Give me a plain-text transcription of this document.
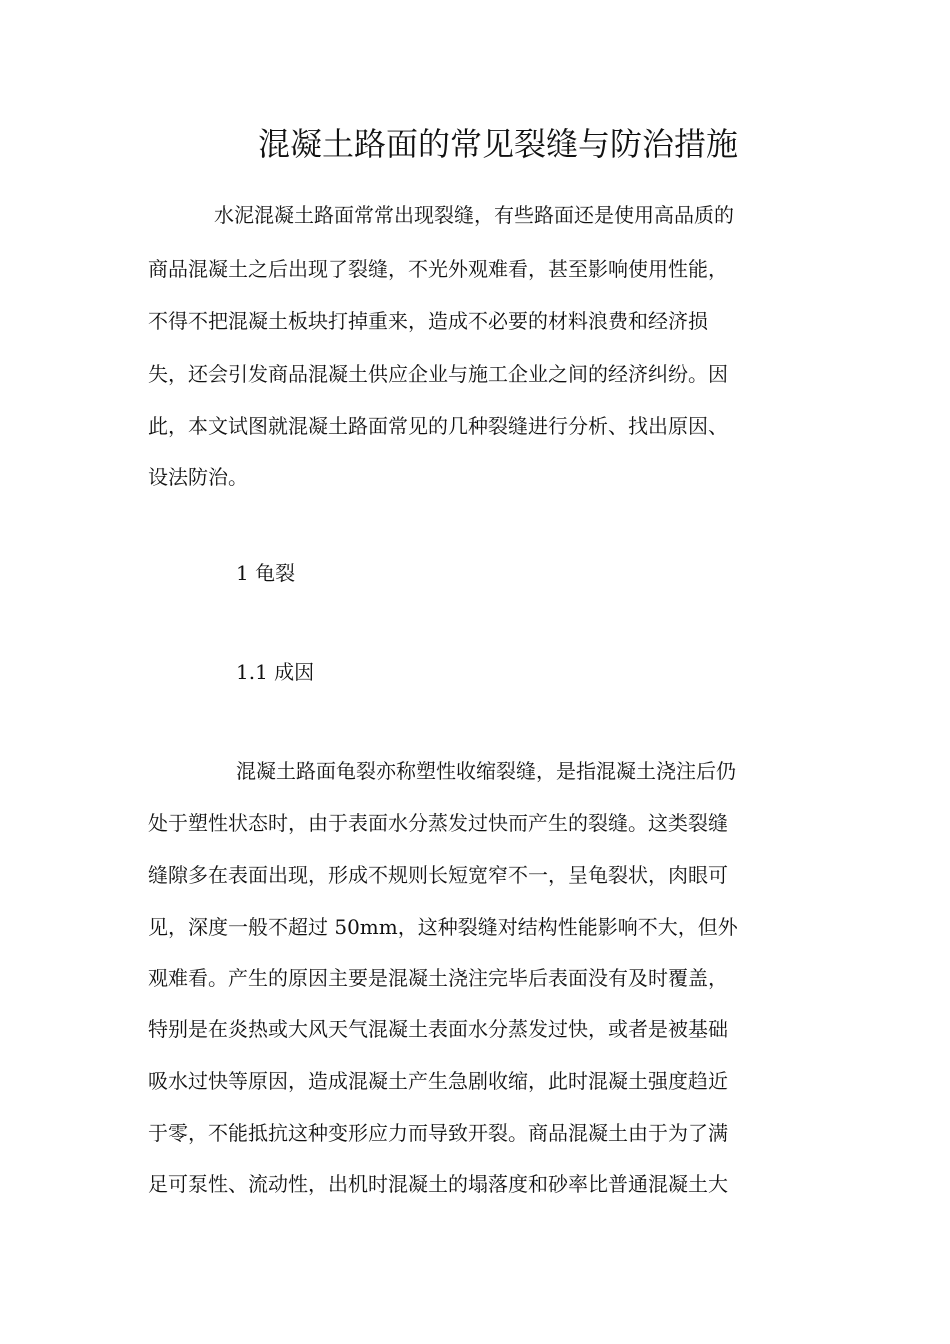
混凝土路面的常见裂缝与防治措施
水泥混凝土路面常常出现裂缝，有些路面还是使用高品质的
商品混凝土之后出现了裂缝，不光外观难看，甚至影响使用性能，
不得不把混凝土板块打掉重来，造成不必要的材料浪费和经济损
失，还会引发商品混凝土供应企业与施工企业之间的经济纠纷。因
此，本文试图就混凝土路面常见的几种裂缝进行分析、找出原因、
设法防治。
1 龟裂
1.1 成因
混凝土路面龟裂亦称塑性收缩裂缝，是指混凝土浇注后仍
处于塑性状态时，由于表面水分蒸发过快而产生的裂缝。这类裂缝
缝隙多在表面出现，形成不规则长短宽窄不一，呈龟裂状，肉眼可
见，深度一般不超过 50mm，这种裂缝对结构性能影响不大，但外
观难看。产生的原因主要是混凝土浇注完毕后表面没有及时覆盖，
特别是在炎热或大风天气混凝土表面水分蒸发过快，或者是被基础
吸水过快等原因，造成混凝土产生急剧收缩，此时混凝土强度趋近
于零，不能抵抗这种变形应力而导致开裂。商品混凝土由于为了满
足可泵性、流动性，出机时混凝土的塌落度和砂率比普通混凝土大
